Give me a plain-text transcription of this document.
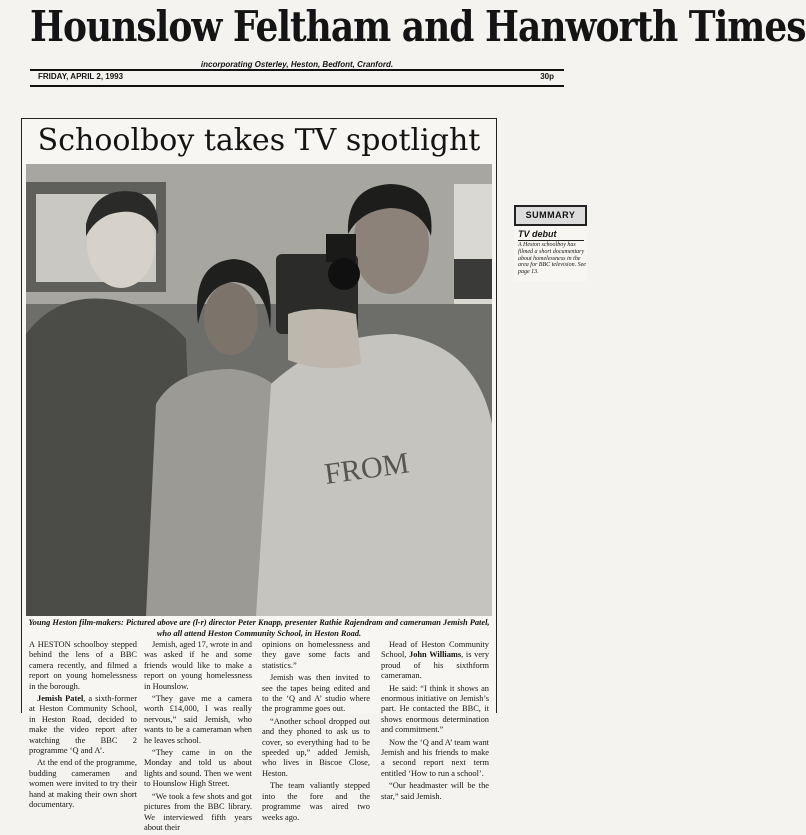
Hounslow Feltham and Hanworth Times
incorporating Osterley, Heston, Bedfont, Cranford.
FRIDAY, APRIL 2, 1993	30p
Schoolboy takes TV spotlight
FROM
Young Heston film-makers: Pictured above are (l-r) director Peter Knapp, presenter Rathie Rajendram and cameraman Jemish Patel, who all attend Heston Community School, in Heston Road.

A HESTON schoolboy stepped behind the lens of a BBC camera recently, and filmed a report on young homelessness in the borough.

Jemish Patel, a sixth-former at Heston Community School, in Heston Road, decided to make the video report after watching the BBC 2 programme ‘Q and A’.

At the end of the programme, budding cameramen and women were invited to try their hand at making their own short documentary.

Jemish, aged 17, wrote in and was asked if he and some friends would like to make a report on young homelessness in Hounslow.

“They gave me a camera worth £14,000, I was really nervous,” said Jemish, who wants to be a cameraman when he leaves school.

“They came in on the Monday and told us about lights and sound. Then we went to Hounslow High Street.

“We took a few shots and got pictures from the BBC library. We interviewed fifth years about their

opinions on homelessness and they gave some facts and statistics.”

Jemish was then invited to see the tapes being edited and to the ‘Q and A’ studio where the programme goes out.

“Another school dropped out and they phoned to ask us to cover, so everything had to be speeded up,” added Jemish, who lives in Biscoe Close, Heston.

The team valiantly stepped into the fore and the programme was aired two weeks ago.

Head of Heston Community School, John Williams, is very proud of his sixthform cameraman.

He said: “I think it shows an enormous initiative on Jemish’s part. He contacted the BBC, it shows enormous determination and commitment.”

Now the ‘Q and A’ team want Jemish and his friends to make a second report next term entitled ‘How to run a school’.

“Our headmaster will be the star,” said Jemish.

SUMMARY
TV debut
A Heston schoolboy has filmed a short documentary about homelessness in the area for BBC television. See page 13.
